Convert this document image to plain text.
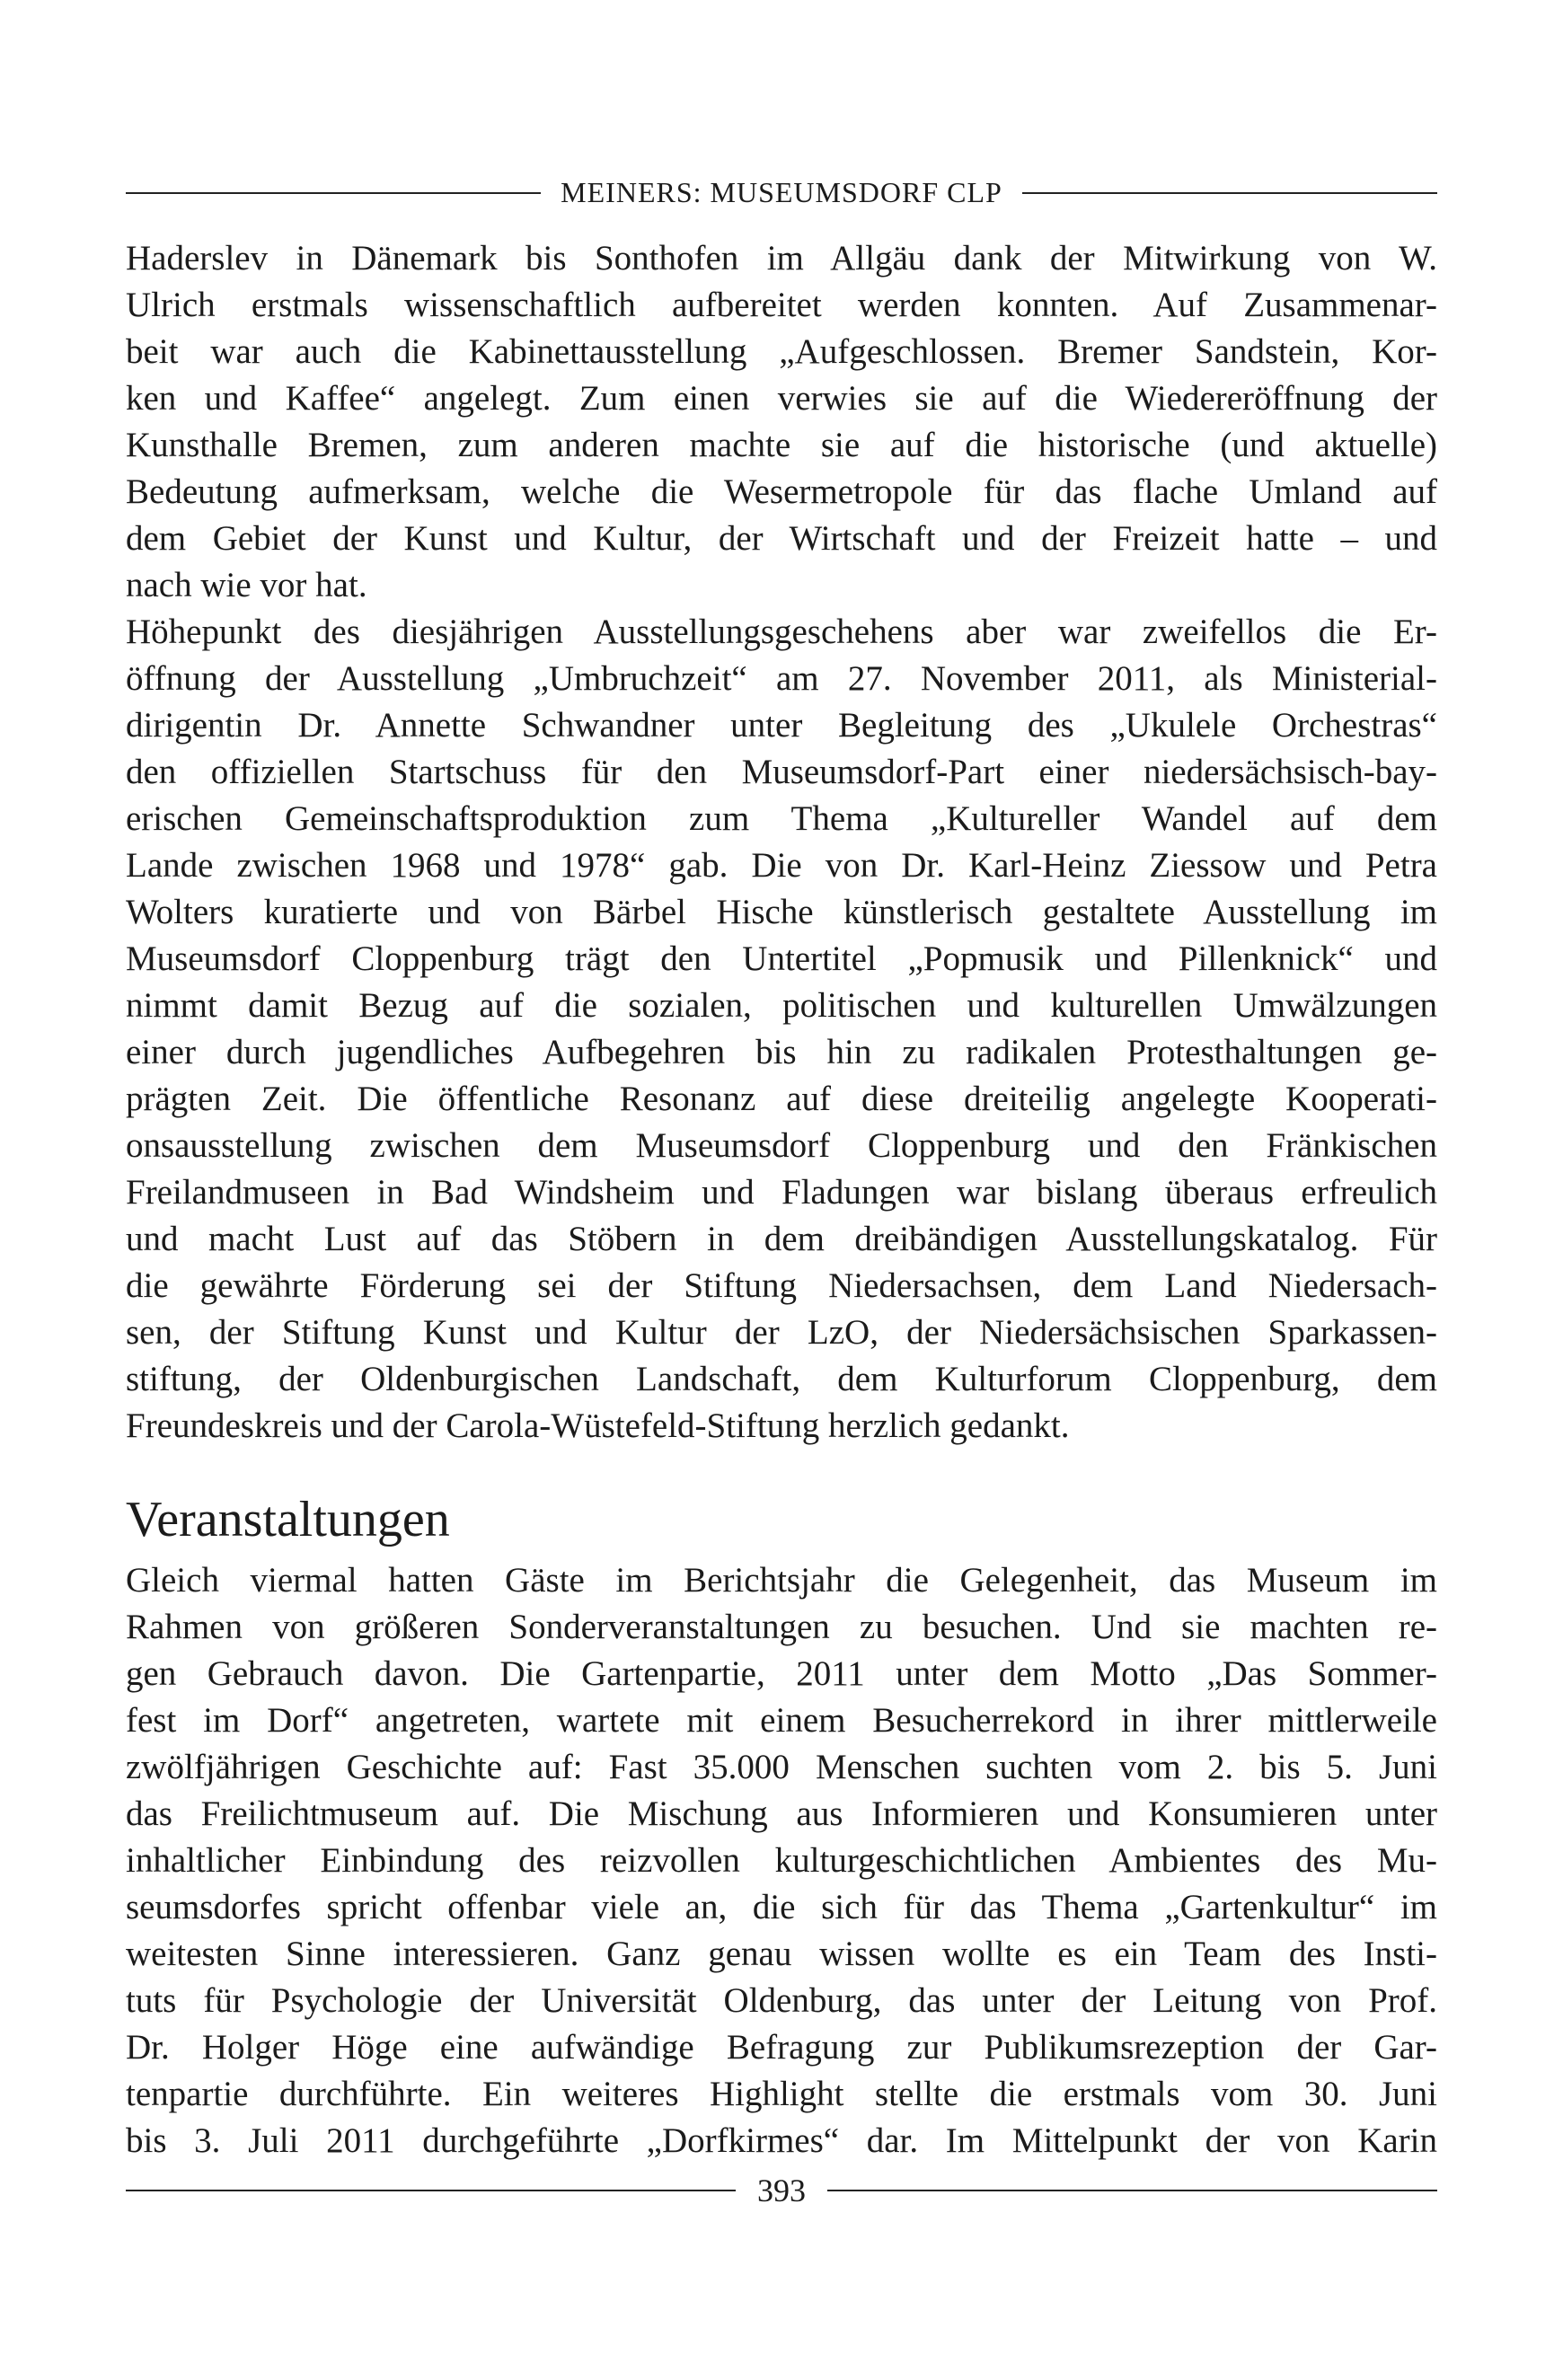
MEINERS: MUSEUMSDORF CLP
Haderslev in Dänemark bis Sonthofen im Allgäu dank der Mitwirkung von W.
Ulrich erstmals wissenschaftlich aufbereitet werden konnten. Auf Zusammenar-
beit war auch die Kabinettausstellung „Aufgeschlossen. Bremer Sandstein, Kor-
ken und Kaffee“ angelegt. Zum einen verwies sie auf die Wiedereröffnung der
Kunsthalle Bremen, zum anderen machte sie auf die historische (und aktuelle)
Bedeutung aufmerksam, welche die Wesermetropole für das flache Umland auf
dem Gebiet der Kunst und Kultur, der Wirtschaft und der Freizeit hatte – und
nach wie vor hat.
Höhepunkt des diesjährigen Ausstellungsgeschehens aber war zweifellos die Er-
öffnung der Ausstellung „Umbruchzeit“ am 27. November 2011, als Ministerial-
dirigentin Dr. Annette Schwandner unter Begleitung des „Ukulele Orchestras“
den offiziellen Startschuss für den Museumsdorf-Part einer niedersächsisch-bay-
erischen Gemeinschaftsproduktion zum Thema „Kultureller Wandel auf dem
Lande zwischen 1968 und 1978“ gab. Die von Dr. Karl-Heinz Ziessow und Petra
Wolters kuratierte und von Bärbel Hische künstlerisch gestaltete Ausstellung im
Museumsdorf Cloppenburg trägt den Untertitel „Popmusik und Pillenknick“ und
nimmt damit Bezug auf die sozialen, politischen und kulturellen Umwälzungen
einer durch jugendliches Aufbegehren bis hin zu radikalen Protesthaltungen ge-
prägten Zeit. Die öffentliche Resonanz auf diese dreiteilig angelegte Kooperati-
onsausstellung zwischen dem Museumsdorf Cloppenburg und den Fränkischen
Freilandmuseen in Bad Windsheim und Fladungen war bislang überaus erfreulich
und macht Lust auf das Stöbern in dem dreibändigen Ausstellungskatalog. Für
die gewährte Förderung sei der Stiftung Niedersachsen, dem Land Niedersach-
sen, der Stiftung Kunst und Kultur der LzO, der Niedersächsischen Sparkassen-
stiftung, der Oldenburgischen Landschaft, dem Kulturforum Cloppenburg, dem
Freundeskreis und der Carola-Wüstefeld-Stiftung herzlich gedankt.
Veranstaltungen
Gleich viermal hatten Gäste im Berichtsjahr die Gelegenheit, das Museum im
Rahmen von größeren Sonderveranstaltungen zu besuchen. Und sie machten re-
gen Gebrauch davon. Die Gartenpartie, 2011 unter dem Motto „Das Sommer-
fest im Dorf“ angetreten, wartete mit einem Besucherrekord in ihrer mittlerweile
zwölfjährigen Geschichte auf: Fast 35.000 Menschen suchten vom 2. bis 5. Juni
das Freilichtmuseum auf. Die Mischung aus Informieren und Konsumieren unter
inhaltlicher Einbindung des reizvollen kulturgeschichtlichen Ambientes des Mu-
seumsdorfes spricht offenbar viele an, die sich für das Thema „Gartenkultur“ im
weitesten Sinne interessieren. Ganz genau wissen wollte es ein Team des Insti-
tuts für Psychologie der Universität Oldenburg, das unter der Leitung von Prof.
Dr. Holger Höge eine aufwändige Befragung zur Publikumsrezeption der Gar-
tenpartie durchführte. Ein weiteres Highlight stellte die erstmals vom 30. Juni
bis 3. Juli 2011 durchgeführte „Dorfkirmes“ dar. Im Mittelpunkt der von Karin
393
